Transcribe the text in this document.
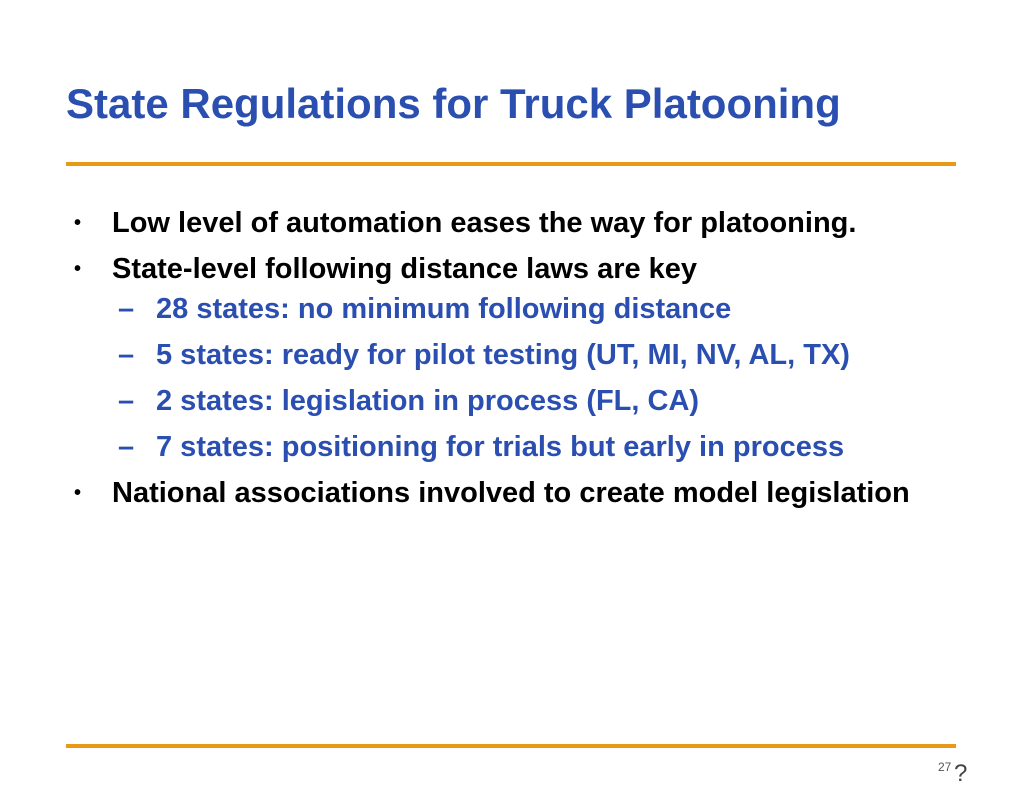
State Regulations for Truck Platooning
• Low level of automation eases the way for platooning.
• State-level following distance laws are key
– 28 states: no minimum following distance
– 5 states: ready for pilot testing (UT, MI, NV, AL, TX)
– 2 states: legislation in process (FL, CA)
– 7 states: positioning for trials but early in process
• National associations involved to create model legislation
27 ?
